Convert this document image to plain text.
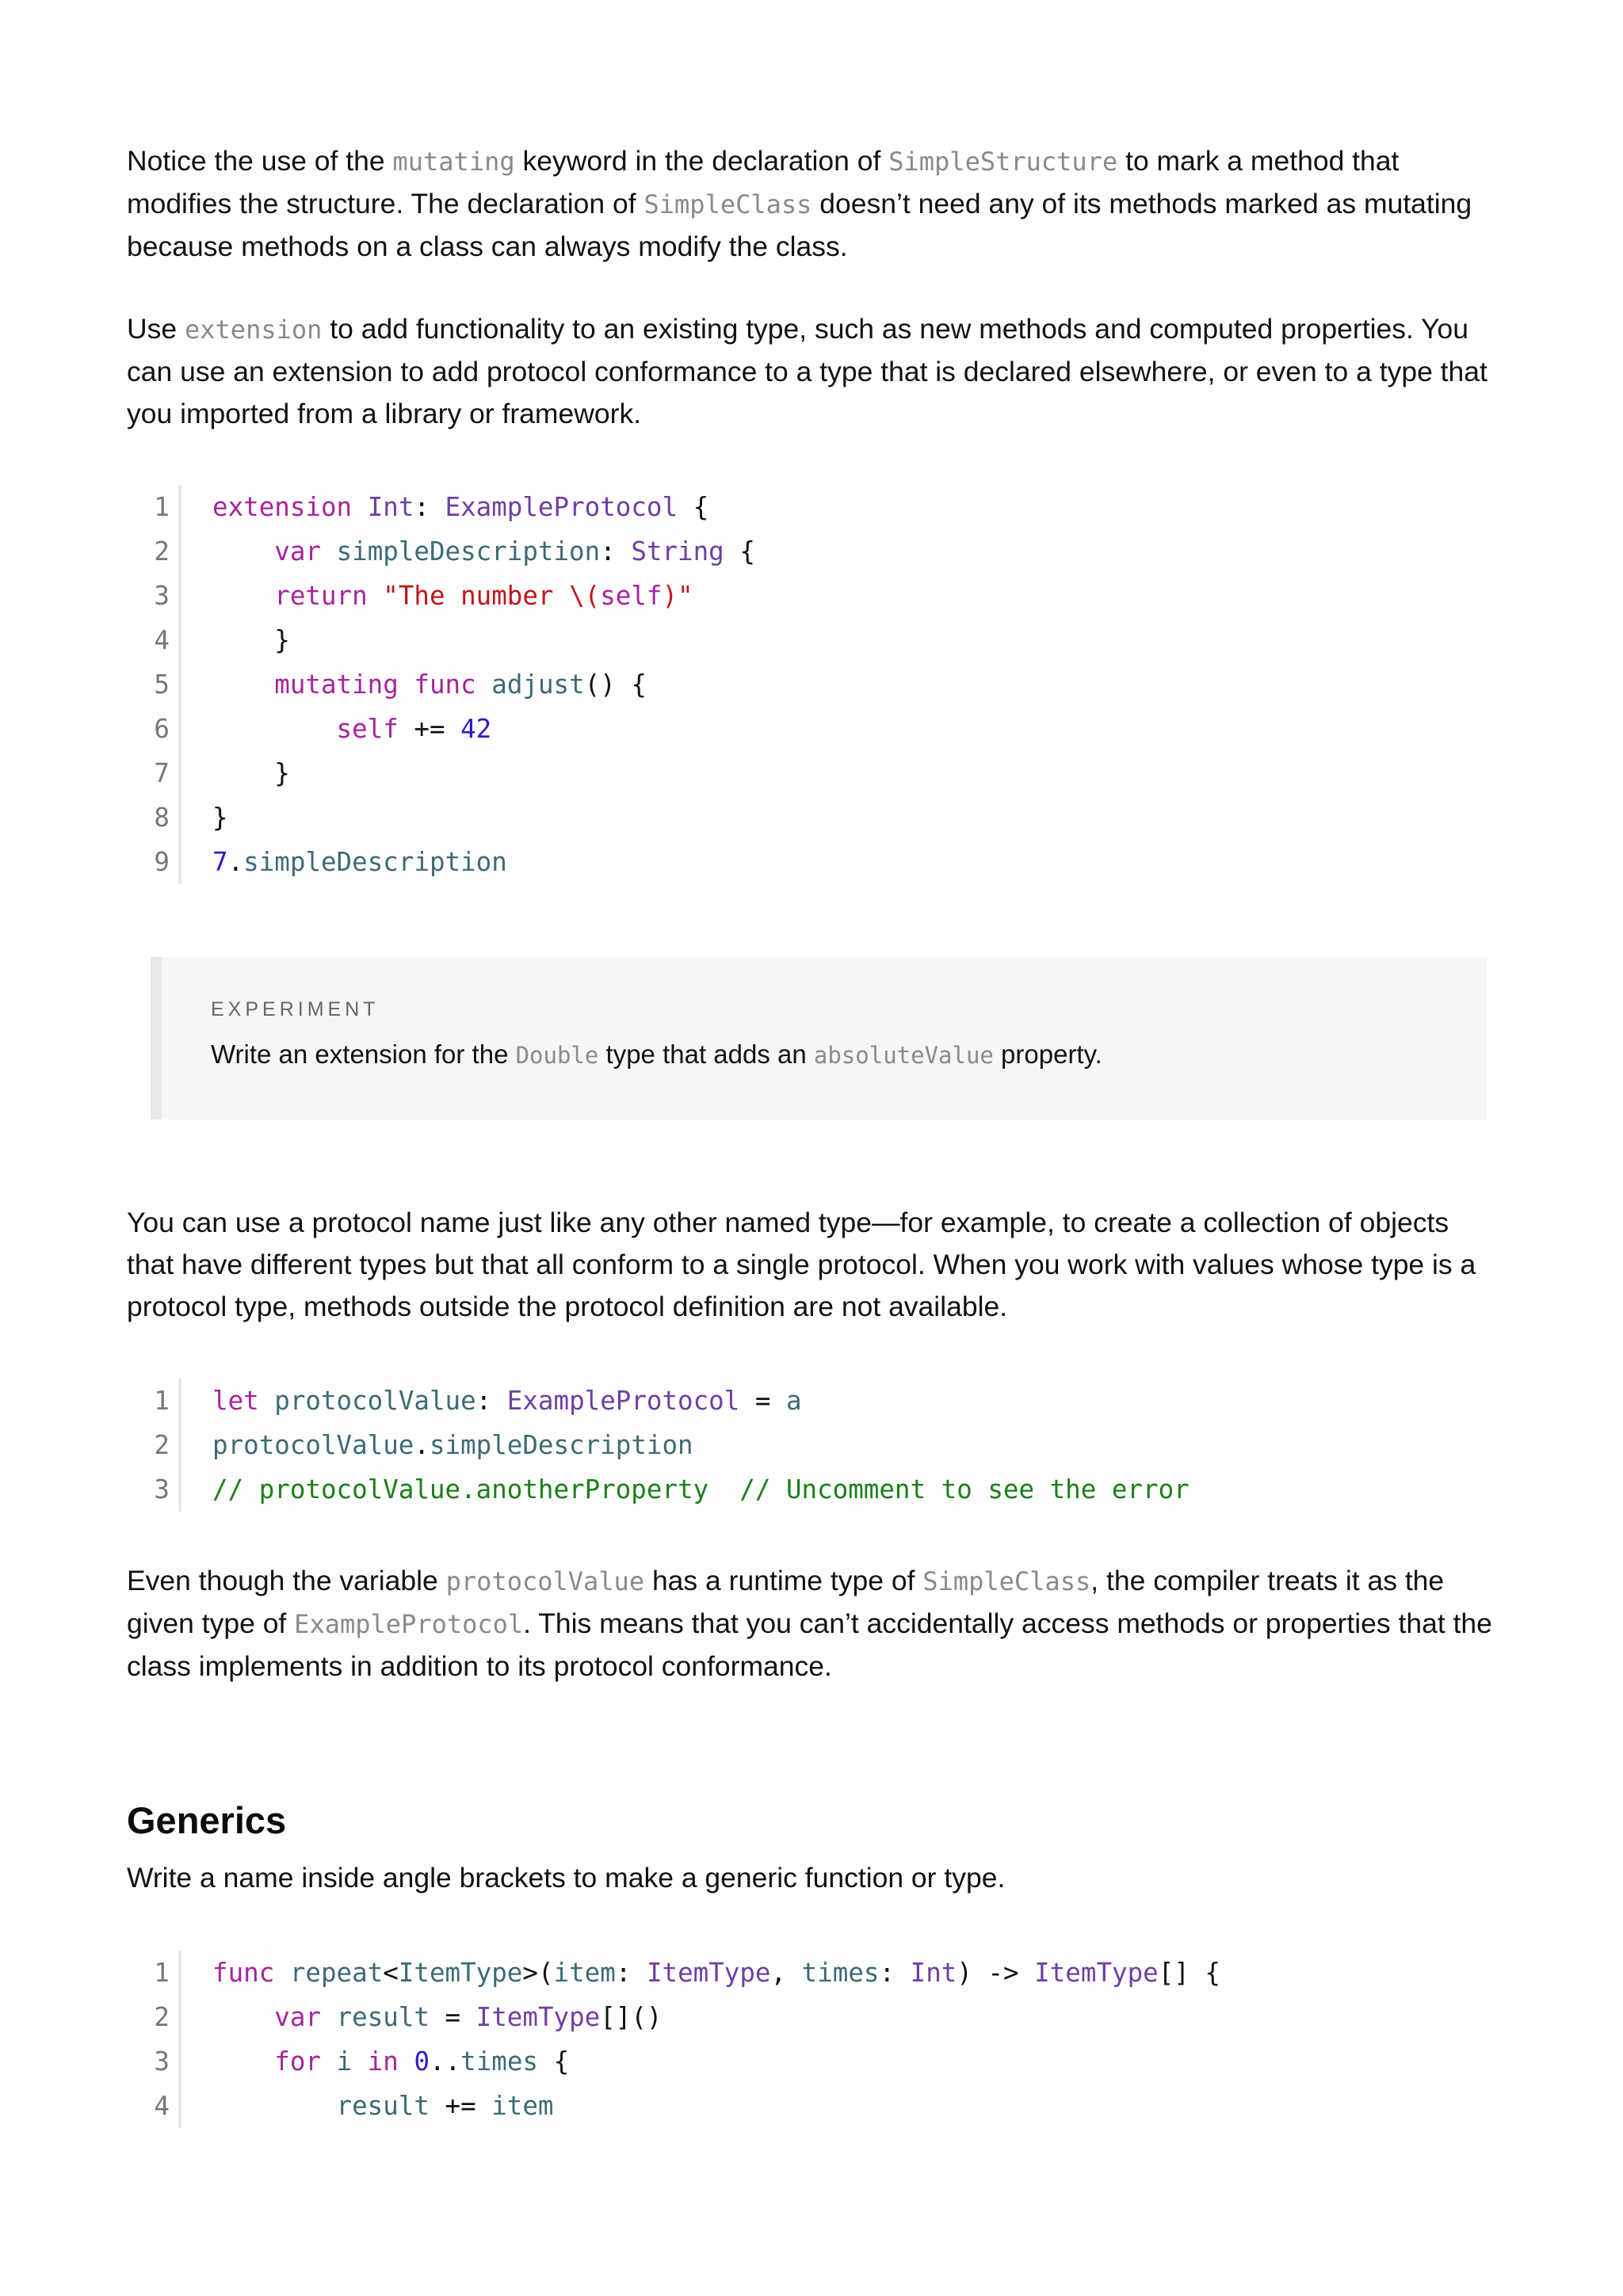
Notice the use of the mutating keyword in the declaration of SimpleStructure to mark a method that modifies the structure. The declaration of SimpleClass doesn’t need any of its methods marked as mutating because methods on a class can always modify the class.

Use extension to add functionality to an existing type, such as new methods and computed properties. You can use an extension to add protocol conformance to a type that is declared elsewhere, or even to a type that you imported from a library or framework.

1 extension Int: ExampleProtocol {
2	var simpleDescription: String {
3	return "The number \(self)"
4 }
5	mutating func adjust() {
6	self += 42
7 }
8 }
9 7.simpleDescription
EXPERIMENT
Write an extension for the Double type that adds an absoluteValue property.

You can use a protocol name just like any other named type—for example, to create a collection of objects that have different types but that all conform to a single protocol. When you work with values whose type is a protocol type, methods outside the protocol definition are not available.

1 let protocolValue: ExampleProtocol = a
2 protocolValue.simpleDescription
3 // protocolValue.anotherProperty  // Uncomment to see the error

Even though the variable protocolValue has a runtime type of SimpleClass, the compiler treats it as the given type of ExampleProtocol. This means that you can’t accidentally access methods or properties that the class implements in addition to its protocol conformance.

Generics

Write a name inside angle brackets to make a generic function or type.

1 func repeat<ItemType>(item: ItemType, times: Int) -> ItemType[] {
2	var result = ItemType[]()
3	for i in 0..times {
4	result += item
